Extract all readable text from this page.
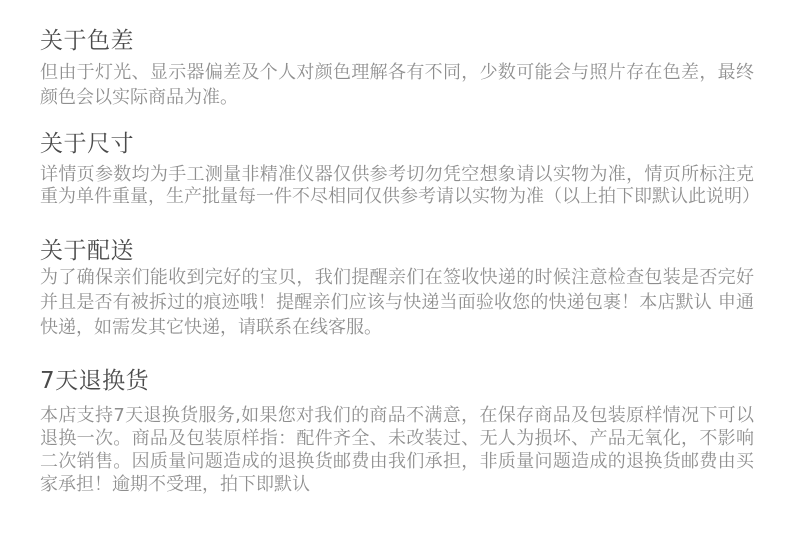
关于色差

但由于灯光、显示器偏差及个人对颜色理解各有不同，少数可能会与照片存在色差，最终颜色会以实际商品为准。

关于尺寸

详情页参数均为手工测量非精准仪器仅供参考切勿凭空想象请以实物为准，情页所标注克重为单件重量，生产批量每一件不尽相同仅供参考请以实物为准（以上拍下即默认此说明）

关于配送

为了确保亲们能收到完好的宝贝，我们提醒亲们在签收快递的时候注意检查包装是否完好并且是否有被拆过的痕迹哦！提醒亲们应该与快递当面验收您的快递包裹！本店默认 申通快递，如需发其它快递，请联系在线客服。

7天退换货

本店支持7天退换货服务,如果您对我们的商品不满意，在保存商品及包装原样情况下可以退换一次。商品及包装原样指：配件齐全、未改装过、无人为损坏、产品无氧化，不影响二次销售。因质量问题造成的退换货邮费由我们承担，非质量问题造成的退换货邮费由买家承担！逾期不受理，拍下即默认
